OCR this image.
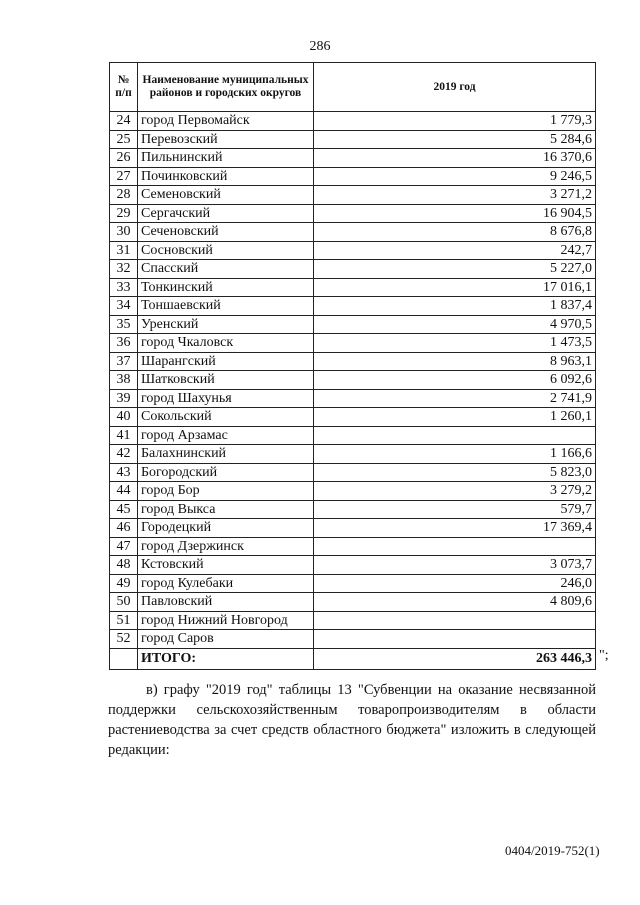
286
№ п/п	Наименование муниципальных районов и городских округов	2019 год
24	город Первомайск	1 779,3
25	Перевозский	5 284,6
26	Пильнинский	16 370,6
27	Починковский	9 246,5
28	Семеновский	3 271,2
29	Сергачский	16 904,5
30	Сеченовский	8 676,8
31	Сосновский	242,7
32	Спасский	5 227,0
33	Тонкинский	17 016,1
34	Тоншаевский	1 837,4
35	Уренский	4 970,5
36	город Чкаловск	1 473,5
37	Шарангский	8 963,1
38	Шатковский	6 092,6
39	город Шахунья	2 741,9
40	Сокольский	1 260,1
41	город Арзамас	
42	Балахнинский	1 166,6
43	Богородский	5 823,0
44	город Бор	3 279,2
45	город Выкса	579,7
46	Городецкий	17 369,4
47	город Дзержинск	
48	Кстовский	3 073,7
49	город Кулебаки	246,0
50	Павловский	4 809,6
51	город Нижний Новгород	
52	город Саров	
	ИТОГО:	263 446,3 ";
в) графу "2019 год" таблицы 13 "Субвенции на оказание несвязанной поддержки сельскохозяйственным товаропроизводителям в области растениеводства за счет средств областного бюджета" изложить в следующей редакции:
0404/2019-752(1)
